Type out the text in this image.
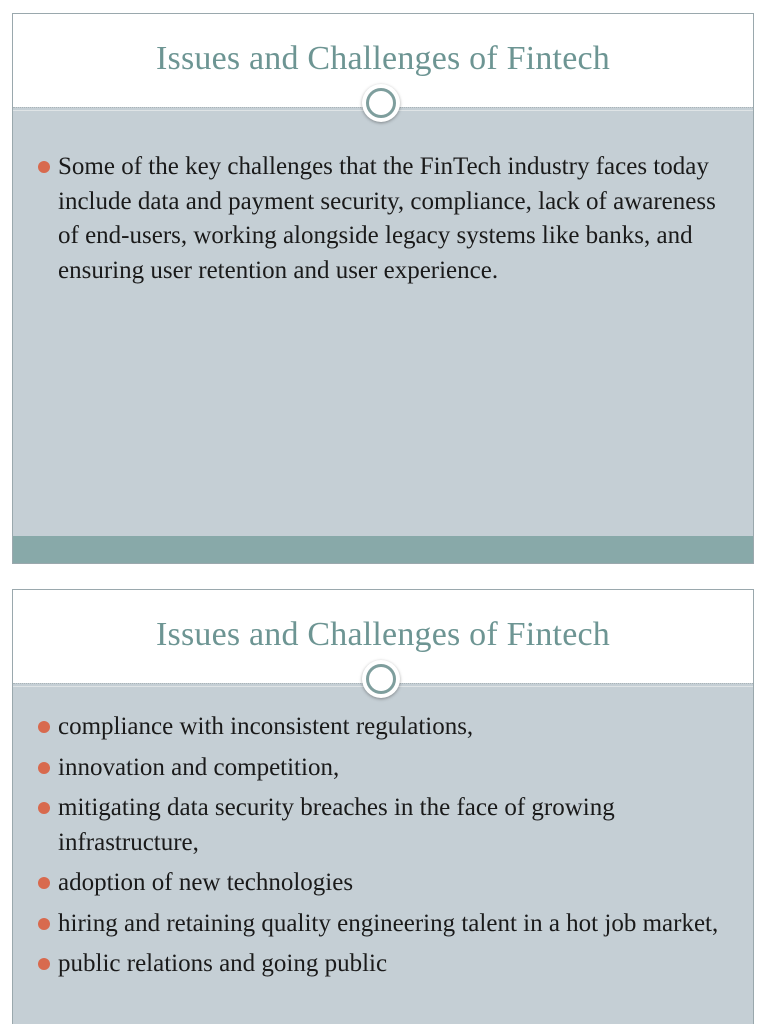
Issues and Challenges of Fintech
Some of the key challenges that the FinTech industry faces today include data and payment security, compliance, lack of awareness of end-users, working alongside legacy systems like banks, and ensuring user retention and user experience.
Issues and Challenges of Fintech
compliance with inconsistent regulations,
innovation and competition,
mitigating data security breaches in the face of growing infrastructure,
adoption of new technologies
hiring and retaining quality engineering talent in a hot job market,
public relations and going public
